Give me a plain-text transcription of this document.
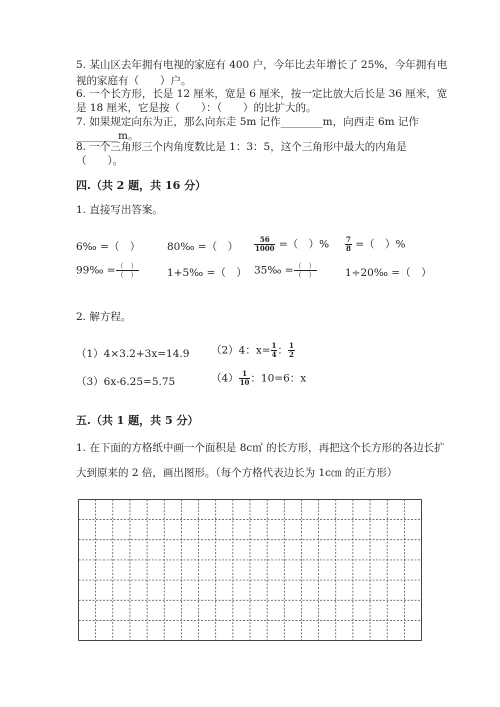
5. 某山区去年拥有电视的家庭有 400 户，今年比去年增长了 25%，今年拥有电
视的家庭有（　　）户。
6. 一个长方形，长是 12 厘米，宽是 6 厘米，按一定比放大后长是 36 厘米，宽
是 18 厘米，它是按（　　）：（　　）的比扩大的。
7. 如果规定向东为正，那么向东走 5m 记作________m，向西走 6m 记作
________m。
8. 一个三角形三个内角度数比是 1：3：5，这个三角形中最大的内角是
（　　）。
四.（共 2 题，共 16 分）
1. 直接写出答案。
6‰ =（　）	80‰ =（　） $\frac{56}{1000}$ =（　）% $\frac{7}{8}$ =（　）%
99‰ = $\frac{( )}{( )}$	1+5‰ =（　） 35‰ = $\frac{( )}{( )}$	1÷20‰ =（　）
2. 解方程。
（1）4×3.2+3x=14.9 （2）4：$x= \frac{1}{4}$ ： $\frac{1}{2}$
（3）6x-6.25=5.75	$(4) \frac{1}{10}$ ：10=6：x
五.（共 1 题，共 5 分）
1. 在下面的方格纸中画一个面积是 8c㎡ 的长方形，再把这个长方形的各边长扩
大到原来的 2 倍，画出图形。（每个方格代表边长为 1c㎝ 的正方形）
